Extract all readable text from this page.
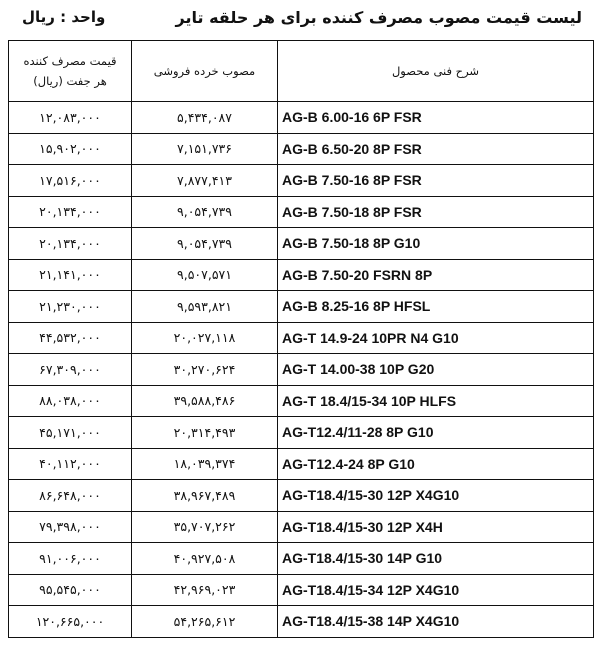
واحد : ریال	لیست قیمت مصوب مصرف کننده برای هر حلقه تایر
قیمت مصرف کننده
هر جفت (ریال)	مصوب خرده فروشی	شرح فنی محصول
۱۲,۰۸۳,۰۰۰	۵,۴۳۴,۰۸۷	AG-B 6.00-16 6P FSR
۱۵,۹۰۲,۰۰۰	۷,۱۵۱,۷۳۶	AG-B 6.50-20 8P FSR
۱۷,۵۱۶,۰۰۰	۷,۸۷۷,۴۱۳	AG-B 7.50-16 8P FSR
۲۰,۱۳۴,۰۰۰	۹,۰۵۴,۷۳۹	AG-B 7.50-18 8P FSR
۲۰,۱۳۴,۰۰۰	۹,۰۵۴,۷۳۹	AG-B 7.50-18 8P G10
۲۱,۱۴۱,۰۰۰	۹,۵۰۷,۵۷۱	AG-B 7.50-20 FSRN 8P
۲۱,۲۳۰,۰۰۰	۹,۵۹۳,۸۲۱	AG-B 8.25-16 8P HFSL
۴۴,۵۳۲,۰۰۰	۲۰,۰۲۷,۱۱۸	AG-T 14.9-24 10PR N4 G10
۶۷,۳۰۹,۰۰۰	۳۰,۲۷۰,۶۲۴	AG-T 14.00-38 10P G20
۸۸,۰۳۸,۰۰۰	۳۹,۵۸۸,۴۸۶	AG-T 18.4/15-34 10P HLFS
۴۵,۱۷۱,۰۰۰	۲۰,۳۱۴,۴۹۳	AG-T12.4/11-28 8P G10
۴۰,۱۱۲,۰۰۰	۱۸,۰۳۹,۳۷۴	AG-T12.4-24 8P G10
۸۶,۶۴۸,۰۰۰	۳۸,۹۶۷,۴۸۹	AG-T18.4/15-30 12P X4G10
۷۹,۳۹۸,۰۰۰	۳۵,۷۰۷,۲۶۲	AG-T18.4/15-30 12P X4H
۹۱,۰۰۶,۰۰۰	۴۰,۹۲۷,۵۰۸	AG-T18.4/15-30 14P G10
۹۵,۵۴۵,۰۰۰	۴۲,۹۶۹,۰۲۳	AG-T18.4/15-34 12P X4G10
۱۲۰,۶۶۵,۰۰۰	۵۴,۲۶۵,۶۱۲	AG-T18.4/15-38 14P X4G10
